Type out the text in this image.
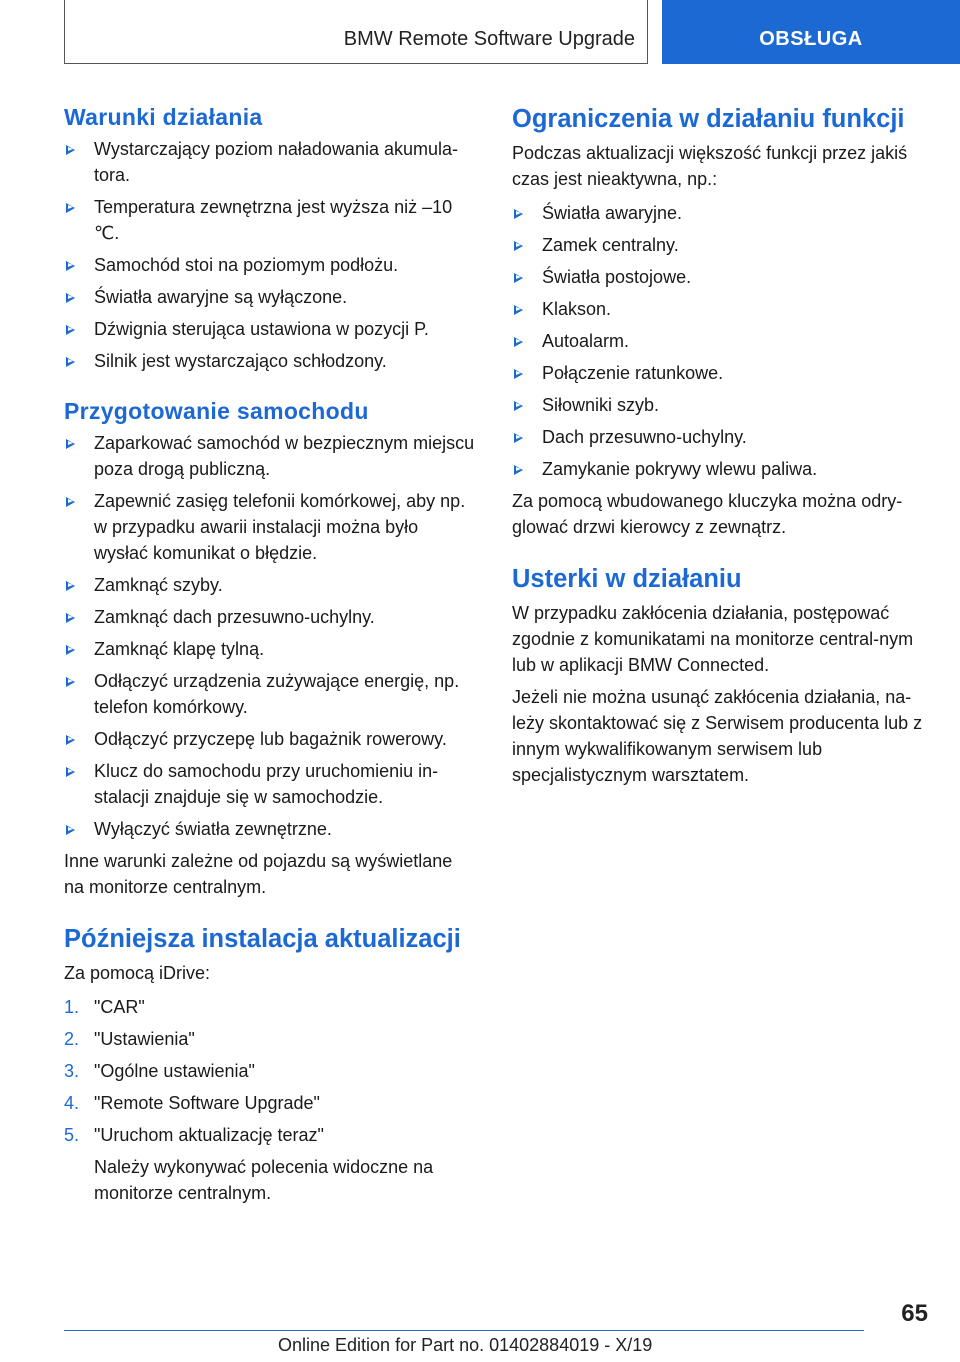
BMW Remote Software Upgrade	OBSŁUGA
Warunki działania
Wystarczający poziom naładowania akumula-tora.
Temperatura zewnętrzna jest wyższa niż –10 ℃.
Samochód stoi na poziomym podłożu.
Światła awaryjne są wyłączone.
Dźwignia sterująca ustawiona w pozycji P.
Silnik jest wystarczająco schłodzony.
Przygotowanie samochodu
Zaparkować samochód w bezpiecznym miejscu poza drogą publiczną.
Zapewnić zasięg telefonii komórkowej, aby np. w przypadku awarii instalacji można było wysłać komunikat o błędzie.
Zamknąć szyby.
Zamknąć dach przesuwno-uchylny.
Zamknąć klapę tylną.
Odłączyć urządzenia zużywające energię, np. telefon komórkowy.
Odłączyć przyczepę lub bagażnik rowerowy.
Klucz do samochodu przy uruchomieniu in-stalacji znajduje się w samochodzie.
Wyłączyć światła zewnętrzne.

Inne warunki zależne od pojazdu są wyświetlane na monitorze centralnym.

Późniejsza instalacja aktualizacji

Za pomocą iDrive:

1. "CAR"
2. "Ustawienia"
3. "Ogólne ustawienia"
4. "Remote Software Upgrade"
5. "Uruchom aktualizację teraz"

Należy wykonywać polecenia widoczne na monitorze centralnym.

Ograniczenia w działaniu funkcji

Podczas aktualizacji większość funkcji przez jakiś czas jest nieaktywna, np.:

Światła awaryjne.
Zamek centralny.
Światła postojowe.
Klakson.
Autoalarm.
Połączenie ratunkowe.
Siłowniki szyb.
Dach przesuwno-uchylny.
Zamykanie pokrywy wlewu paliwa.

Za pomocą wbudowanego kluczyka można odry-glować drzwi kierowcy z zewnątrz.

Usterki w działaniu

W przypadku zakłócenia działania, postępować zgodnie z komunikatami na monitorze central-nym lub w aplikacji BMW Connected.

Jeżeli nie można usunąć zakłócenia działania, na-leży skontaktować się z Serwisem producenta lub z innym wykwalifikowanym serwisem lub specjalistycznym warsztatem.

65
Online Edition for Part no. 01402884019 - X/19
